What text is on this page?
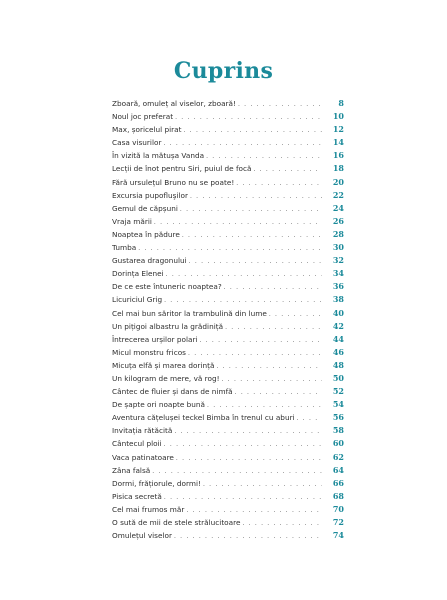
Cuprins
Zboară, omuleț al viselor, zboară! . . .	8
Noul joc preferat . . .	10
Max, șoricelul pirat . . .	12
Casa visurilor . . .	14
În vizită la mătușa Vanda . . .	16
Lecții de înot pentru Siri, puiul de focă . . .	18
Fără ursulețul Bruno nu se poate! . . .	20
Excursia pupofluşilor . . .	22
Gemul de căpșuni . . .	24
Vraja mării . . .	26
Noaptea în pădure . . .	28
Tumba . . .	30
Gustarea dragonului . . .	32
Dorința Elenei . . .	34
De ce este întuneric noaptea? . . .	36
Licuriciul Grig . . .	38
Cel mai bun săritor la trambulină din lume . . .	40
Un pițigoi albastru la grădiniță . . .	42
Întrecerea urșilor polari . . .	44
Micul monstru fricos . . .	46
Micuța elfă și marea dorință . . .	48
Un kilogram de mere, vă rog! . . .	50
Cântec de fluier și dans de nimfă . . .	52
De șapte ori noapte bună . . .	54
Aventura cățelușei teckel Bimba în trenul cu aburi . . .	56
Invitația rătăcită . . .	58
Cântecul ploii . . .	60
Vaca patinatoare . . .	62
Zâna falsă . . .	64
Dormi, frățiorule, dormi! . . .	66
Pisica secretă . . .	68
Cel mai frumos măr . . .	70
O sută de mii de stele strălucitoare . . .	72
Omulețul viselor . . .	74
